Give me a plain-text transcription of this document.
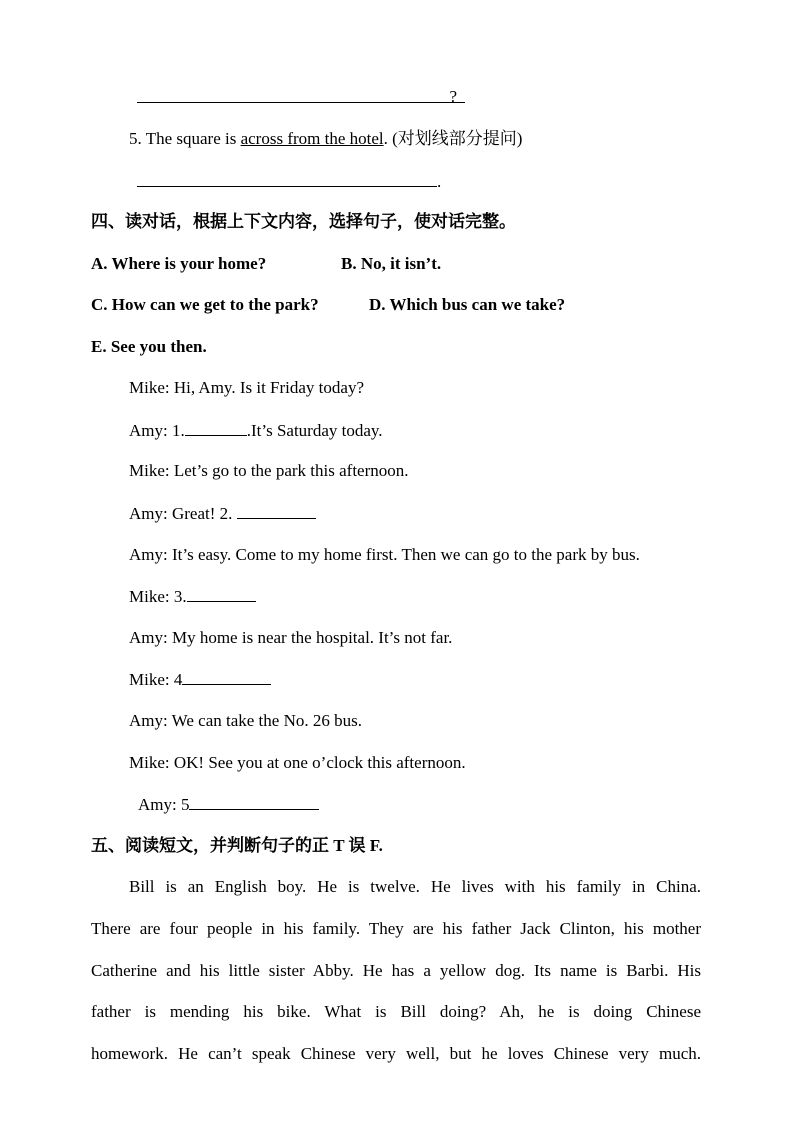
?
5. The square is across from the hotel. (对划线部分提问)
.
四、读对话，根据上下文内容，选择句子，使对话完整。
A. Where is your home?	B. No, it isn’t.
C. How can we get to the park?	D. Which bus can we take?
E. See you then.
Mike: Hi, Amy. Is it Friday today?
Amy: 1.	.It’s Saturday today.
Mike: Let’s go to the park this afternoon.
Amy: Great! 2.
Amy: It’s easy. Come to my home first. Then we can go to the park by bus.
Mike: 3.
Amy: My home is near the hospital. It’s not far.
Mike: 4
Amy: We can take the No. 26 bus.
Mike: OK! See you at one o’clock this afternoon.
Amy: 5
五、阅读短文，并判断句子的正 T 误 F.
Bill is an English boy. He is twelve. He lives with his family in China.
There are four people in his family. They are his father Jack Clinton, his mother
Catherine and his little sister Abby. He has a yellow dog. Its name is Barbi. His
father is mending his bike. What is Bill doing? Ah, he is doing Chinese
homework. He can’t speak Chinese very well, but he loves Chinese very much.
